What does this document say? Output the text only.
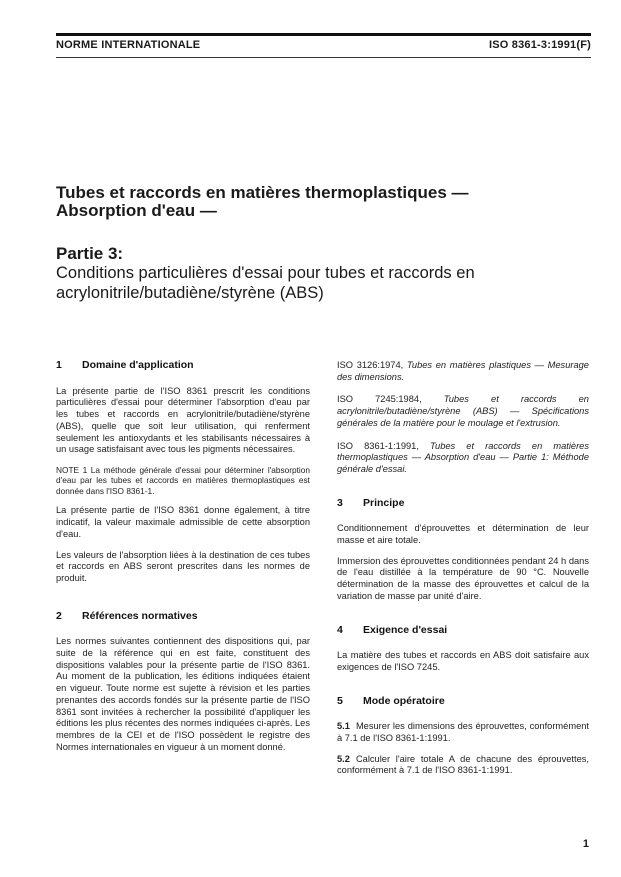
NORME INTERNATIONALE	ISO 8361-3:1991(F)
Tubes et raccords en matières thermoplastiques —
Absorption d'eau —
Partie 3:
Conditions particulières d'essai pour tubes et raccords en acrylonitrile/butadiène/styrène (ABS)
1 Domaine d'application

La présente partie de l'ISO 8361 prescrit les conditions particulières d'essai pour déterminer l'absorption d'eau par les tubes et raccords en acrylonitrile/butadiène/styrène (ABS), quelle que soit leur utilisation, qui renferment seulement les antioxydants et les stabilisants nécessaires à un usage satisfaisant avec tous les pigments nécessaires.

NOTE 1 La méthode générale d'essai pour déterminer l'absorption d'eau par les tubes et raccords en matières thermoplastiques est donnée dans l'ISO 8361-1.

La présente partie de l'ISO 8361 donne également, à titre indicatif, la valeur maximale admissible de cette absorption d'eau.

Les valeurs de l'absorption liées à la destination de ces tubes et raccords en ABS seront prescrites dans les normes de produit.

2 Références normatives

Les normes suivantes contiennent des dispositions qui, par suite de la référence qui en est faite, constituent des dispositions valables pour la présente partie de l'ISO 8361. Au moment de la publication, les éditions indiquées étaient en vigueur. Toute norme est sujette à révision et les parties prenantes des accords fondés sur la présente partie de l'ISO 8361 sont invitées à rechercher la possibilité d'appliquer les éditions les plus récentes des normes indiquées ci-après. Les membres de la CEI et de l'ISO possèdent le registre des Normes internationales en vigueur à un moment donné.

ISO 3126:1974, Tubes en matières plastiques — Mesurage des dimensions.

ISO 7245:1984, Tubes et raccords en acrylonitrile/butadiène/styrène (ABS) — Spécifications générales de la matière pour le moulage et l'extrusion.

ISO 8361-1:1991, Tubes et raccords en matières thermoplastiques — Absorption d'eau — Partie 1: Méthode générale d'essai.

3 Principe

Conditionnement d'éprouvettes et détermination de leur masse et aire totale.

Immersion des éprouvettes conditionnées pendant 24 h dans de l'eau distillée à la température de 90 °C. Nouvelle détermination de la masse des éprouvettes et calcul de la variation de masse par unité d'aire.

4 Exigence d'essai

La matière des tubes et raccords en ABS doit satisfaire aux exigences de l'ISO 7245.

5 Mode opératoire

5.1 Mesurer les dimensions des éprouvettes, conformément à 7.1 de l'ISO 8361-1:1991.

5.2 Calculer l'aire totale A de chacune des éprouvettes, conformément à 7.1 de l'ISO 8361-1:1991.

1
